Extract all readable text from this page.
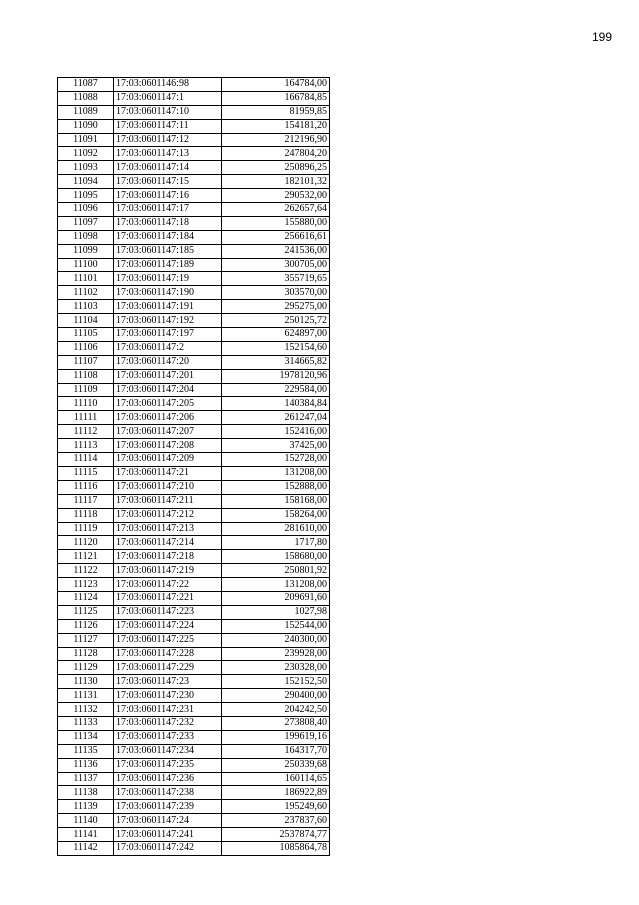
199
11087	17:03:0601146:98	164784,00
11088	17:03:0601147:1	166784,85
11089	17:03:0601147:10	81959,85
11090	17:03:0601147:11	154181,20
11091	17:03:0601147:12	212196,90
11092	17:03:0601147:13	247804,20
11093	17:03:0601147:14	250896,25
11094	17:03:0601147:15	182101,32
11095	17:03:0601147:16	290532,00
11096	17:03:0601147:17	262657,64
11097	17:03:0601147:18	155880,00
11098	17:03:0601147:184	256616,61
11099	17:03:0601147:185	241536,00
11100	17:03:0601147:189	300705,00
11101	17:03:0601147:19	355719,65
11102	17:03:0601147:190	303570,00
11103	17:03:0601147:191	295275,00
11104	17:03:0601147:192	250125,72
11105	17:03:0601147:197	624897,00
11106	17:03:0601147:2	152154,60
11107	17:03:0601147:20	314665,82
11108	17:03:0601147:201	1978120,96
11109	17:03:0601147:204	229584,00
11110	17:03:0601147:205	140384,84
11111	17:03:0601147:206	261247,04
11112	17:03:0601147:207	152416,00
11113	17:03:0601147:208	37425,00
11114	17:03:0601147:209	152728,00
11115	17:03:0601147:21	131208,00
11116	17:03:0601147:210	152888,00
11117	17:03:0601147:211	158168,00
11118	17:03:0601147:212	158264,00
11119	17:03:0601147:213	281610,00
11120	17:03:0601147:214	1717,80
11121	17:03:0601147:218	158680,00
11122	17:03:0601147:219	250801,92
11123	17:03:0601147:22	131208,00
11124	17:03:0601147:221	209691,60
11125	17:03:0601147:223	1027,98
11126	17:03:0601147:224	152544,00
11127	17:03:0601147:225	240300,00
11128	17:03:0601147:228	239928,00
11129	17:03:0601147:229	230328,00
11130	17:03:0601147:23	152152,50
11131	17:03:0601147:230	290400,00
11132	17:03:0601147:231	204242,50
11133	17:03:0601147:232	273808,40
11134	17:03:0601147:233	199619,16
11135	17:03:0601147:234	164317,70
11136	17:03:0601147:235	250339,68
11137	17:03:0601147:236	160114,65
11138	17:03:0601147:238	186922,89
11139	17:03:0601147:239	195249,60
11140	17:03:0601147:24	237837,60
11141	17:03:0601147:241	2537874,77
11142	17:03:0601147:242	1085864,78
